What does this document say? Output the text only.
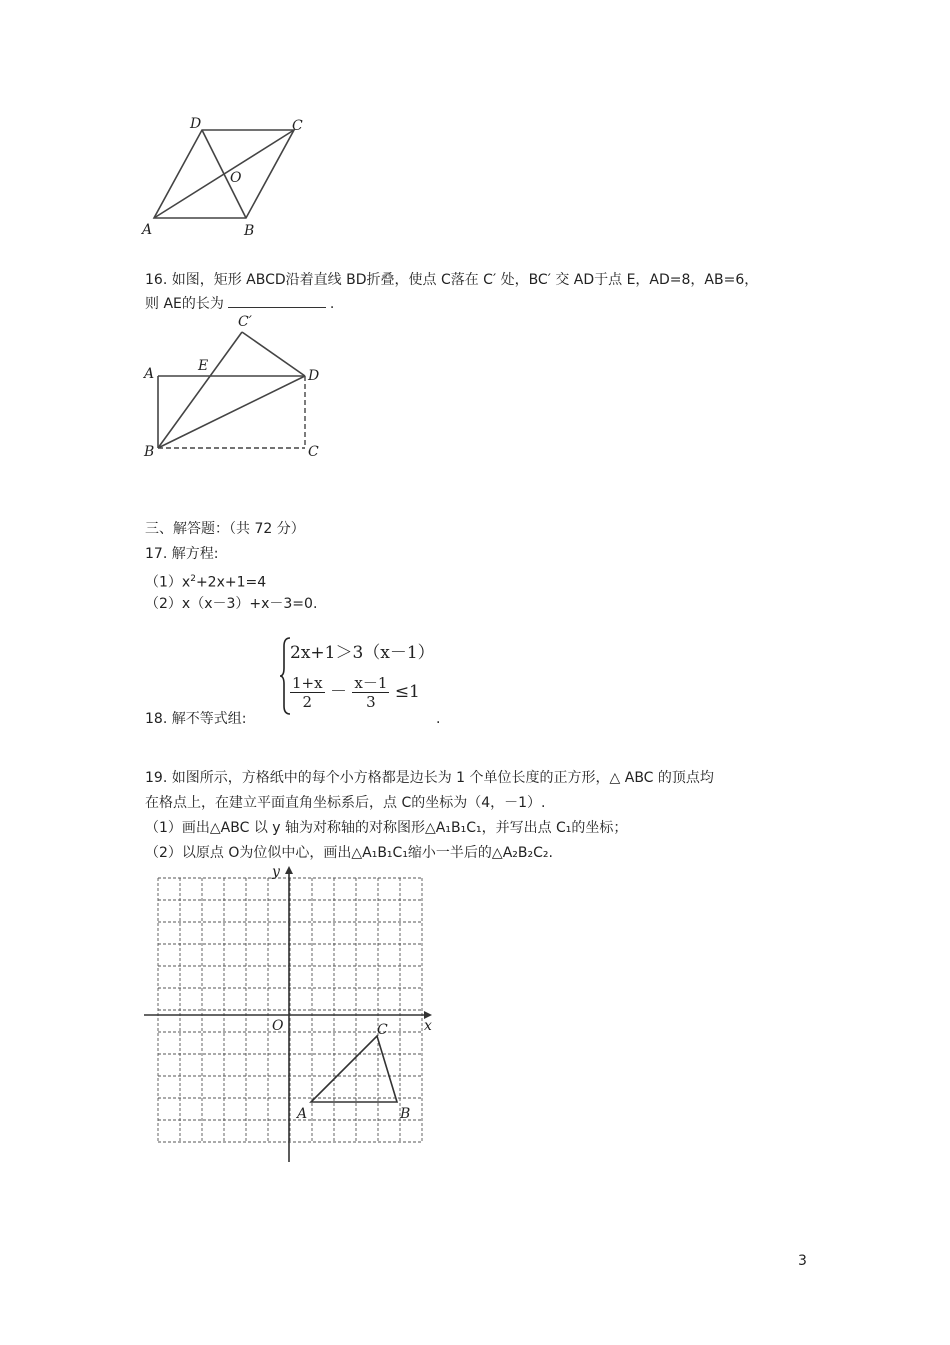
A	B
C
D
O
16. 如图，矩形 ABCD沿着直线 BD折叠，使点 C落在 C′ 处，BC′ 交 AD于点 E，AD=8，AB=6，
则 AE的长为	.
A
B	C
D
E
C′
三、解答题：（共 72 分）
17. 解方程:
$(1)x^2+2x+1=4$
（2）x（x－3）+x－3=0.
2x+1＞3（x－1）
$\frac{1+x}{2} - \frac{x-1}{3} \le 1$
18. 解不等式组:	.
19. 如图所示，方格纸中的每个小方格都是边长为 1 个单位长度的正方形，△ ABC 的顶点均
在格点上，在建立平面直角坐标系后，点 C的坐标为（4，－1）.
（1）画出△ABC 以 y 轴为对称轴的对称图形△A₁B₁C₁，并写出点 C₁的坐标；
（2）以原点 O为位似中心，画出△A₁B₁C₁缩小一半后的△A₂B₂C₂.
x
y
O
A	B
C
3
